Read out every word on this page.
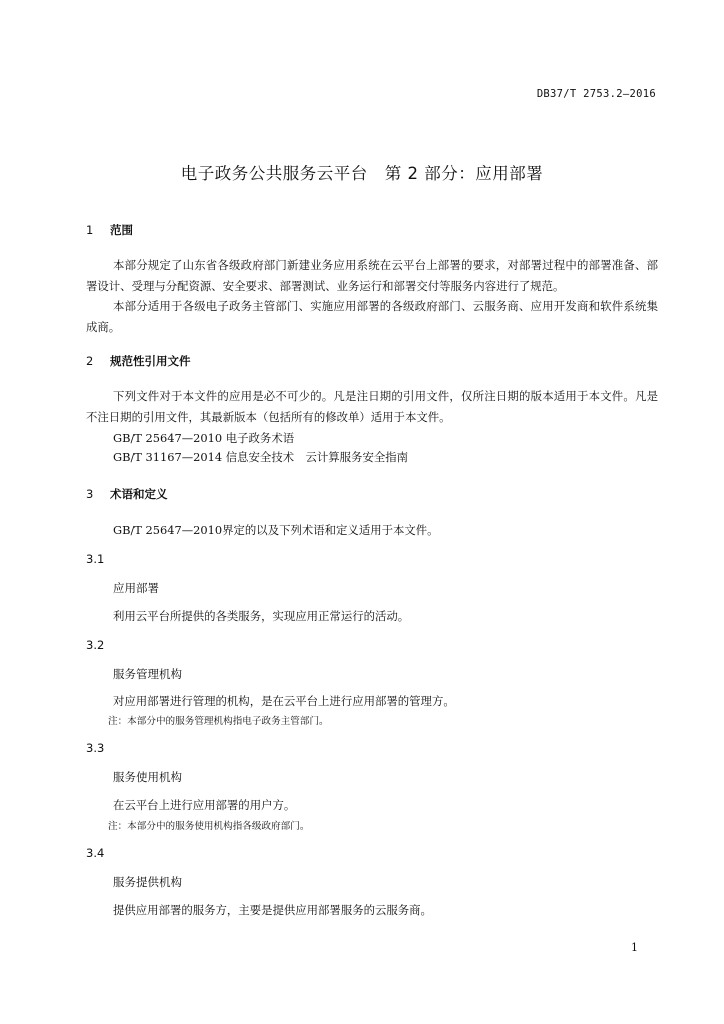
DB37/T 2753.2—2016
电子政务公共服务云平台　第 2 部分：应用部署
1 范围
本部分规定了山东省各级政府部门新建业务应用系统在云平台上部署的要求，对部署过程中的部署准备、部署设计、受理与分配资源、安全要求、部署测试、业务运行和部署交付等服务内容进行了规范。
本部分适用于各级电子政务主管部门、实施应用部署的各级政府部门、云服务商、应用开发商和软件系统集成商。
2 规范性引用文件
下列文件对于本文件的应用是必不可少的。凡是注日期的引用文件，仅所注日期的版本适用于本文件。凡是不注日期的引用文件，其最新版本（包括所有的修改单）适用于本文件。
GB/T 25647—2010 电子政务术语
GB/T 31167—2014 信息安全技术　云计算服务安全指南
3 术语和定义
GB/T 25647—2010界定的以及下列术语和定义适用于本文件。
3.1
应用部署
利用云平台所提供的各类服务，实现应用正常运行的活动。
3.2
服务管理机构
对应用部署进行管理的机构，是在云平台上进行应用部署的管理方。
注：本部分中的服务管理机构指电子政务主管部门。
3.3
服务使用机构
在云平台上进行应用部署的用户方。
注：本部分中的服务使用机构指各级政府部门。
3.4
服务提供机构
提供应用部署的服务方，主要是提供应用部署服务的云服务商。
1
